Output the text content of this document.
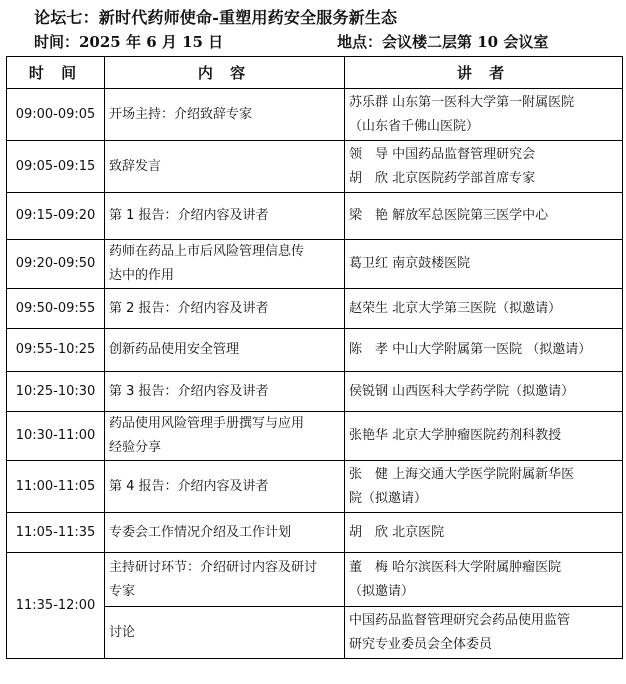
论坛七：新时代药师使命-重塑用药安全服务新生态
时间：2025 年 6 月 15 日	地点：会议楼二层第 10 会议室
时 间	内 容	讲 者
09:00-09:05	开场主持：介绍致辞专家	苏乐群 山东第一医科大学第一附属医院
（山东省千佛山医院）

09:05-09:15	致辞发言	领　导 中国药品监督管理研究会
胡　欣 北京医院药学部首席专家

09:15-09:20	第 1 报告：介绍内容及讲者	梁　艳 解放军总医院第三医学中心

09:20-09:50	药师在药品上市后风险管理信息传
达中的作用	葛卫红 南京鼓楼医院

09:50-09:55	第 2 报告：介绍内容及讲者	赵荣生 北京大学第三医院（拟邀请）

09:55-10:25	创新药品使用安全管理	陈　孝 中山大学附属第一医院 （拟邀请）

10:25-10:30	第 3 报告：介绍内容及讲者	侯锐钢 山西医科大学药学院（拟邀请）

10:30-11:00	药品使用风险管理手册撰写与应用
经验分享	张艳华 北京大学肿瘤医院药剂科教授

11:00-11:05	第 4 报告：介绍内容及讲者	张　健 上海交通大学医学院附属新华医
院（拟邀请）

11:05-11:35	专委会工作情况介绍及工作计划	胡　欣 北京医院

11:35-12:00	主持研讨环节：介绍研讨内容及研讨
专家	董　梅 哈尔滨医科大学附属肿瘤医院
（拟邀请）

	讨论	中国药品监督管理研究会药品使用监管
研究专业委员会全体委员
